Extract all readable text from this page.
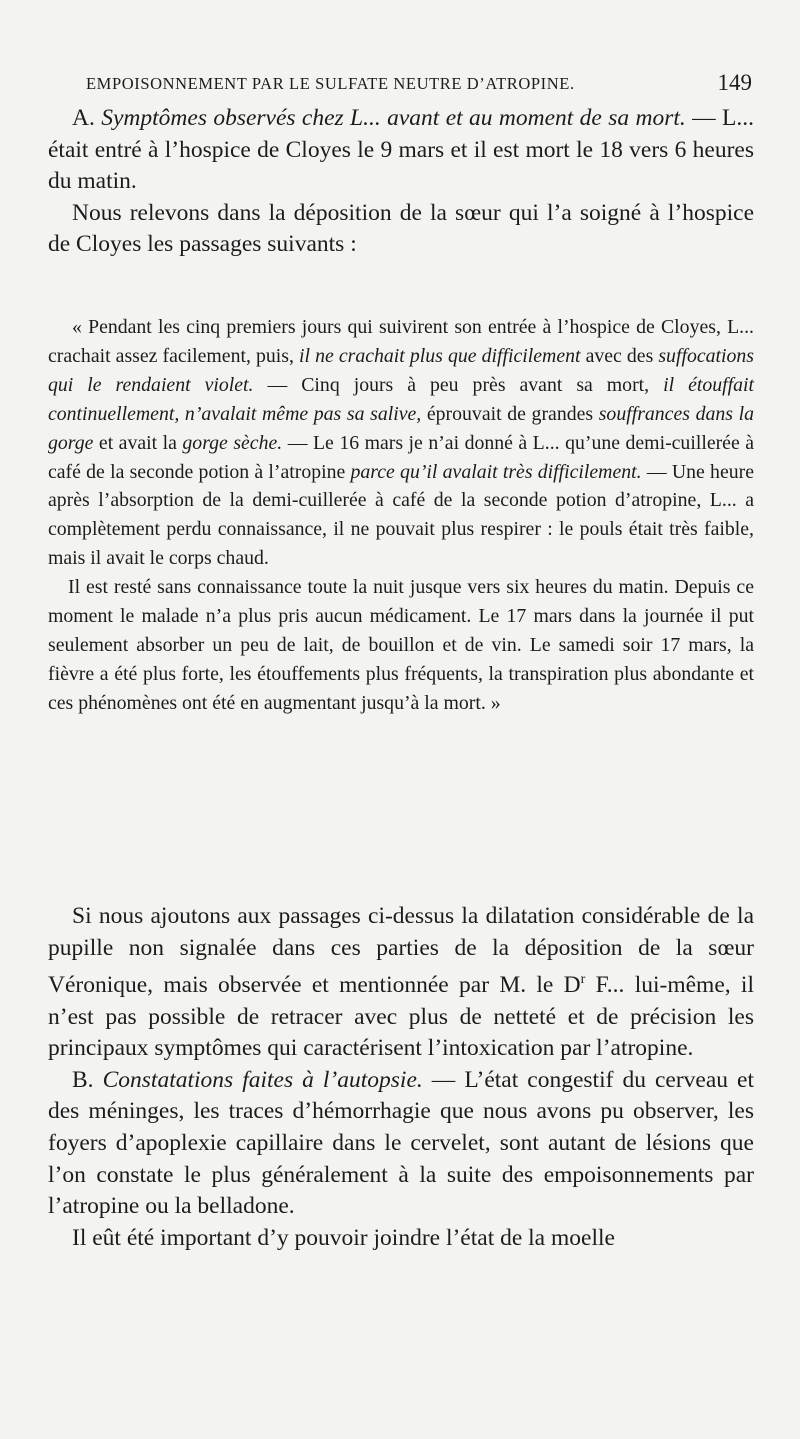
EMPOISONNEMENT PAR LE SULFATE NEUTRE D’ATROPINE.	149

A. Symptômes observés chez L... avant et au moment de sa mort. — L... était entré à l’hospice de Cloyes le 9 mars et il est mort le 18 vers 6 heures du matin.

Nous relevons dans la déposition de la sœur qui l’a soigné à l’hospice de Cloyes les passages suivants :

« Pendant les cinq premiers jours qui suivirent son entrée à l’hospice de Cloyes, L... crachait assez facilement, puis, il ne crachait plus que difficilement avec des suffocations qui le rendaient violet. — Cinq jours à peu près avant sa mort, il étouffait continuellement, n’avalait même pas sa salive, éprouvait de grandes souffrances dans la gorge et avait la gorge sèche. — Le 16 mars je n’ai donné à L... qu’une demi-cuillerée à café de la seconde potion à l’atropine parce qu’il avalait très difficilement. — Une heure après l’absorption de la demi-cuillerée à café de la seconde potion d’atropine, L... a complètement perdu connaissance, il ne pouvait plus respirer : le pouls était très faible, mais il avait le corps chaud.

Il est resté sans connaissance toute la nuit jusque vers six heures du matin. Depuis ce moment le malade n’a plus pris aucun médicament. Le 17 mars dans la journée il put seulement absorber un peu de lait, de bouillon et de vin. Le samedi soir 17 mars, la fièvre a été plus forte, les étouffements plus fréquents, la transpiration plus abondante et ces phénomènes ont été en augmentant jusqu’à la mort. »

Si nous ajoutons aux passages ci-dessus la dilatation considérable de la pupille non signalée dans ces parties de la déposition de la sœur Véronique, mais observée et mentionnée par M. le $D^r$ F... lui-même, il n’est pas possible de retracer avec plus de netteté et de précision les principaux symptômes qui caractérisent l’intoxication par l’atropine.

B. Constatations faites à l’autopsie. — L’état congestif du cerveau et des méninges, les traces d’hémorrhagie que nous avons pu observer, les foyers d’apoplexie capillaire dans le cervelet, sont autant de lésions que l’on constate le plus généralement à la suite des empoisonnements par l’atropine ou la belladone.

Il eût été important d’y pouvoir joindre l’état de la moelle
